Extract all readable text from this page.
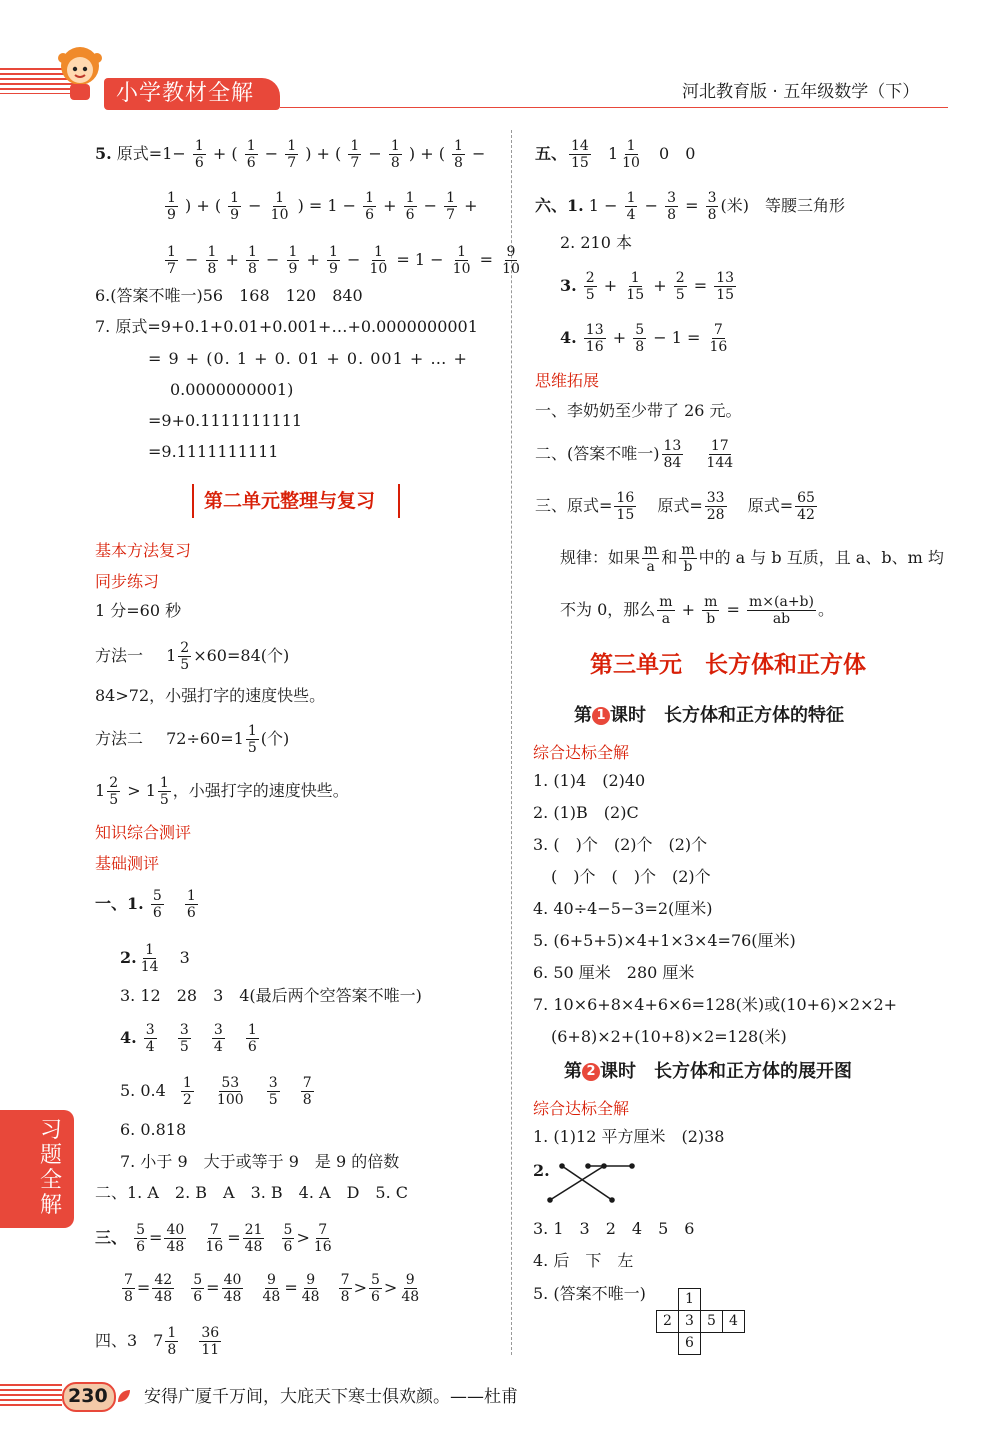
小学教材全解	河北教育版 · 五年级数学（下）
5. 原式$=1- \frac{1}{6}$ + ( $\frac{1}{6} - \frac{1}{7}$ ) + ( $\frac{1}{7} - \frac{1}{8}$ ) + ( $\frac{1}{8}$ −
$\frac{1}{9}$ ) + ( $\frac{1}{9} - \frac{1}{10}$ ) = $1 - \frac{1}{6} + \frac{1}{6} - \frac{1}{7}$ +
$\frac{1}{7} - \frac{1}{8} + \frac{1}{8} - \frac{1}{9} + \frac{1}{9} - \frac{1}{10} = 1 - \frac{1}{10} = \frac{9}{10}$
6.(答案不唯一)56　168　120　840
7. 原式=9+0.1+0.01+0.001+…+0.0000000001
= 9 + (0. 1 + 0. 01 + 0. 001 + … +
0.0000000001)
=9+0.1111111111
=9.1111111111
第二单元整理与复习
基本方法复习
同步练习
1 分=60 秒
方法一 $1 \frac{2}{5} \times 60=84$(个)
84>72，小强打字的速度快些。
方法二 $72\div 60=1 \frac{1}{5}$ (个)
$1 \frac{2}{5} > 1 \frac{1}{5}$ ，小强打字的速度快些。
知识综合测评
基础测评
一、1. $\frac{5}{6}$
$\frac{1}{6}$
2. $\frac{1}{14} 3$
3. 12　28　3　4(最后两个空答案不唯一)
4. $\frac{3}{4}$
$\frac{3}{5}$
$\frac{3}{4}$
$\frac{1}{6}$
5. $0.4 \frac{1}{2}$
$\frac{53}{100}$
$\frac{3}{5}$
$\frac{7}{8}$
6. 0.818
7. 小于 9　大于或等于 9　是 9 的倍数
二、1. A　2. B　A　3. B　4. A　D　5. C
三、 $\frac{5}{6} = \frac{40}{48}$
$\frac{7}{16} = \frac{21}{48}$
$\frac{5}{6} > \frac{7}{16}$
$\frac{7}{8} = \frac{42}{48}$
$\frac{5}{6} = \frac{40}{48}$
$\frac{9}{48} = \frac{9}{48}$
$\frac{7}{8} > \frac{5}{6} > \frac{9}{48}$
四、3　$7 \frac{1}{8}$
$\frac{36}{11}$
习题全解
五、 $\frac{14}{15} 1 \frac{1}{10} 0$　0
六、1. $1 - \frac{1}{4} - \frac{3}{8} = \frac{3}{8}$ (米)　等腰三角形
2. 210 本
3. $\frac{2}{5} + \frac{1}{15} + \frac{2}{5} = \frac{13}{15}$
4. $\frac{13}{16} + \frac{5}{8} - 1 = \frac{7}{16}$
思维拓展
一、李奶奶至少带了 26 元。
二、(答案不唯一) $\frac{13}{84}$
$\frac{17}{144}$
三、原式= $\frac{16}{15}$ 原式= $\frac{33}{28}$ 原式= $\frac{65}{42}$
规律：如果 $\frac{m}{a}$ 和 $\frac{m}{b}$ 中的 a 与 b 互质，且 a、b、m 均
不为 0，那么 $\frac{m}{a} + \frac{m}{b} = \frac{m\times(a+b)}{ab}$ 。
第三单元　长方体和正方体
第 1 课时　长方体和正方体的特征
综合达标全解
1. (1)4　(2)40
2. (1)B　(2)C
3. (　)个　(2)个　(2)个
(　)个　(　)个　(2)个
4. 40÷4−5−3=2(厘米)
5. (6+5+5)×4+1×3×4=76(厘米)
6. 50 厘米　280 厘米
7. 10×6+8×4+6×6=128(米)或(10+6)×2×2+
(6+8)×2+(10+8)×2=128(米)
第 2 课时　长方体和正方体的展开图
综合达标全解
1. (1)12 平方厘米　(2)38
2.
3. 1　3　2　4　5　6
4. 后　下　左
5. (答案不唯一)	1
2 3 5 4
6
230 安得广厦千万间，大庇天下寒士俱欢颜。——杜甫
